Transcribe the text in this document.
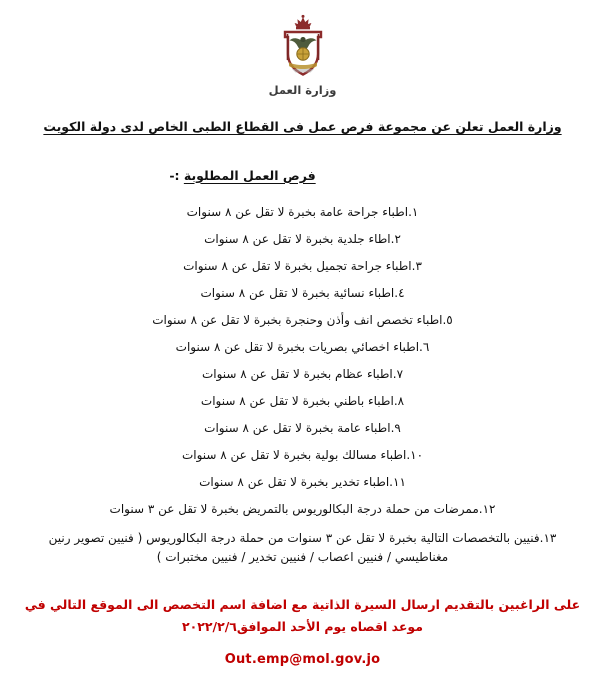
وزارة العمل
وزارة العمل تعلن عن مجموعة فرص عمل فى القطاع الطبى الخاص لدى دولة الكويت
فرص العمل المطلوبة :-
١.اطباء جراحة عامة بخبرة لا تقل عن ٨ سنوات
٢.اطاء جلدية بخبرة لا تقل عن ٨ سنوات
٣.اطباء جراحة تجميل بخبرة لا تقل عن ٨ سنوات
٤.اطباء نسائية بخبرة لا تقل عن ٨ سنوات
٥.اطباء تخصص انف وأذن وحنجرة بخبرة لا تقل عن ٨ سنوات
٦.اطباء اخصائي بصريات بخبرة لا تقل عن ٨ سنوات
٧.اطباء عظام بخبرة لا تقل عن ٨ سنوات
٨.اطباء باطني بخبرة لا تقل عن ٨ سنوات
٩.اطباء عامة بخبرة لا تقل عن ٨ سنوات
١٠.اطباء مسالك بولية بخبرة لا تقل عن ٨ سنوات
١١.اطباء تخدير بخبرة لا تقل عن ٨ سنوات
١٢.ممرضات من حملة درجة البكالوريوس بالتمريض بخبرة لا تقل عن ٣ سنوات
١٣.فنيين بالتخصصات التالية بخبرة لا تقل عن ٣ سنوات من حملة درجة البكالوريوس ( فنيين تصوير رنين
مغناطيسي / فنيين اعصاب / فنيين تخدير / فنيين مختبرات )
على الراغبين بالتقديم ارسال السيرة الذاتية مع اضافة اسم التخصص الى الموقع التالي في
موعد اقصاه يوم الأحد الموافق٢٠٢٢/٢/٦
Out.emp@mol.gov.jo
